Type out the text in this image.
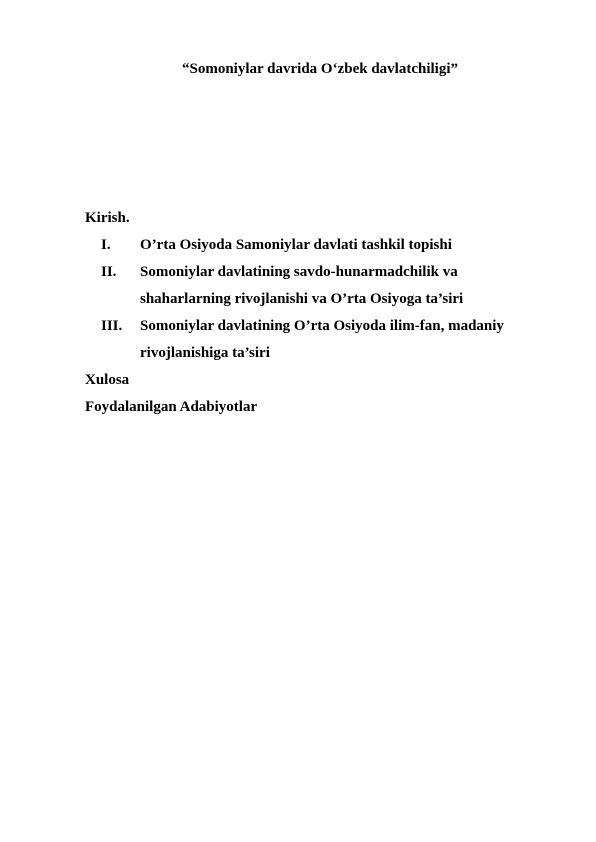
“Somoniylar davrida O‘zbek davlatchiligi”
Kirish.
I.	O’rta Osiyoda Samoniylar davlati tashkil topishi
II.	Somoniylar davlatining savdo-hunarmadchilik va
shaharlarning rivojlanishi va O’rta Osiyoga ta’siri
III.	Somoniylar davlatining O’rta Osiyoda ilim-fan, madaniy
rivojlanishiga ta’siri
Xulosa
Foydalanilgan Adabiyotlar
